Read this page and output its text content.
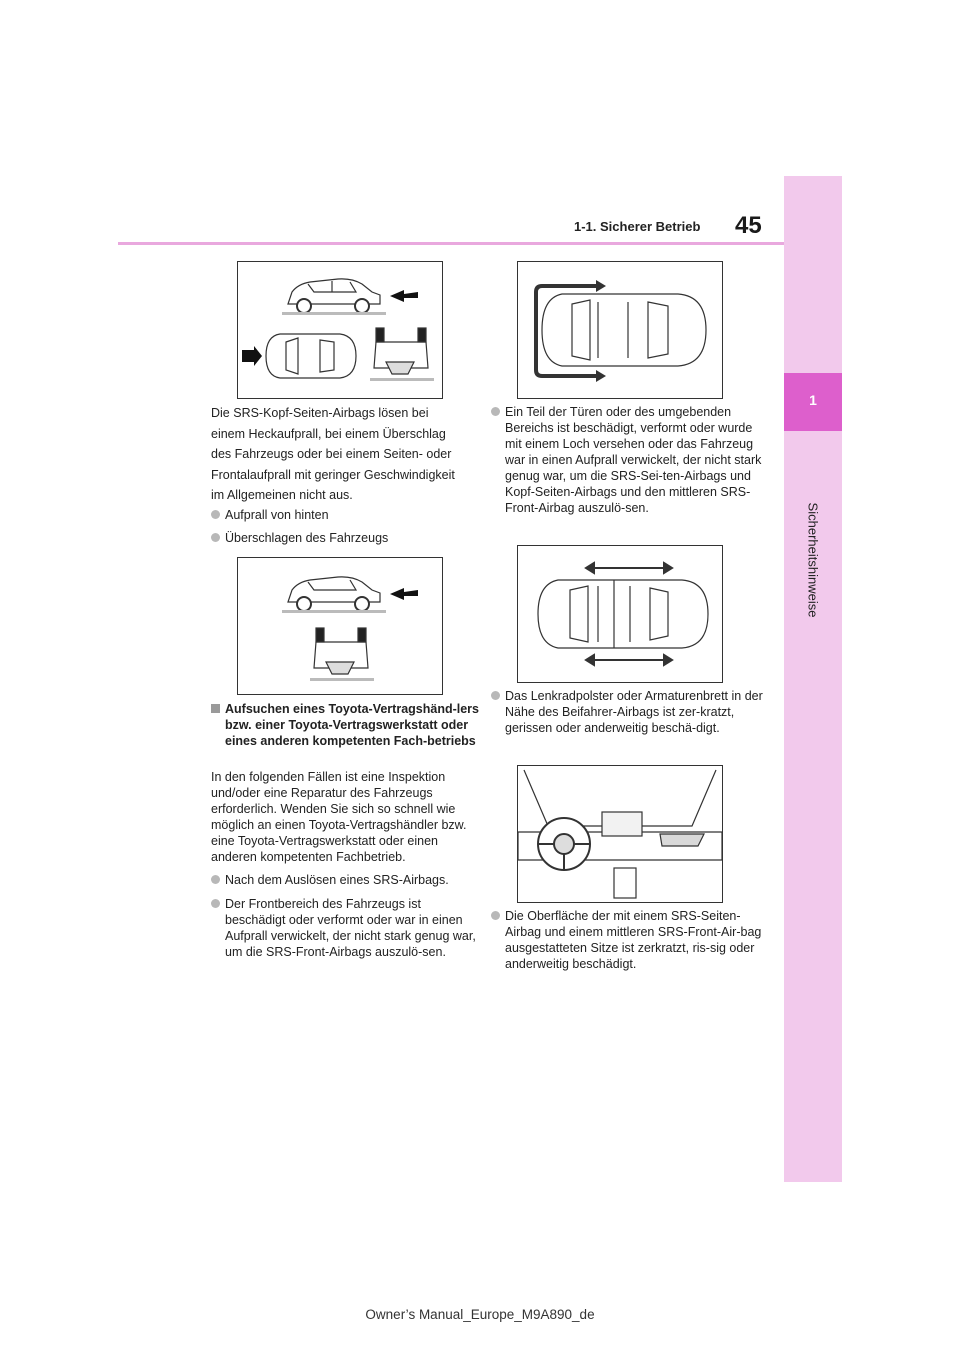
1-1. Sicherer Betrieb 45
1
Sicherheitshinweise
Die SRS-Kopf-Seiten-Airbags lösen bei einem Heckaufprall, bei einem Überschlag des Fahrzeugs oder bei einem Seiten- oder Frontalaufprall mit geringer Geschwindigkeit im Allgemeinen nicht aus.
Aufprall von hinten
Überschlagen des Fahrzeugs
Aufsuchen eines Toyota-Vertragshänd-lers bzw. einer Toyota-Vertragswerkstatt oder eines anderen kompetenten Fach-betriebs
In den folgenden Fällen ist eine Inspektion und/oder eine Reparatur des Fahrzeugs erforderlich. Wenden Sie sich so schnell wie möglich an einen Toyota-Vertragshändler bzw. eine Toyota-Vertragswerkstatt oder einen anderen kompetenten Fachbetrieb.
Nach dem Auslösen eines SRS-Airbags.
Der Frontbereich des Fahrzeugs ist beschädigt oder verformt oder war in einen Aufprall verwickelt, der nicht stark genug war, um die SRS-Front-Airbags auszulö-sen.
Ein Teil der Türen oder des umgebenden Bereichs ist beschädigt, verformt oder wurde mit einem Loch versehen oder das Fahrzeug war in einen Aufprall verwickelt, der nicht stark genug war, um die SRS-Sei-ten-Airbags und Kopf-Seiten-Airbags und den mittleren SRS-Front-Airbag auszulö-sen.
Das Lenkradpolster oder Armaturenbrett in der Nähe des Beifahrer-Airbags ist zer-kratzt, gerissen oder anderweitig beschä-digt.
Die Oberfläche der mit einem SRS-Seiten-Airbag und einem mittleren SRS-Front-Air-bag ausgestatteten Sitze ist zerkratzt, ris-sig oder anderweitig beschädigt.
Owner’s Manual_Europe_M9A890_de
